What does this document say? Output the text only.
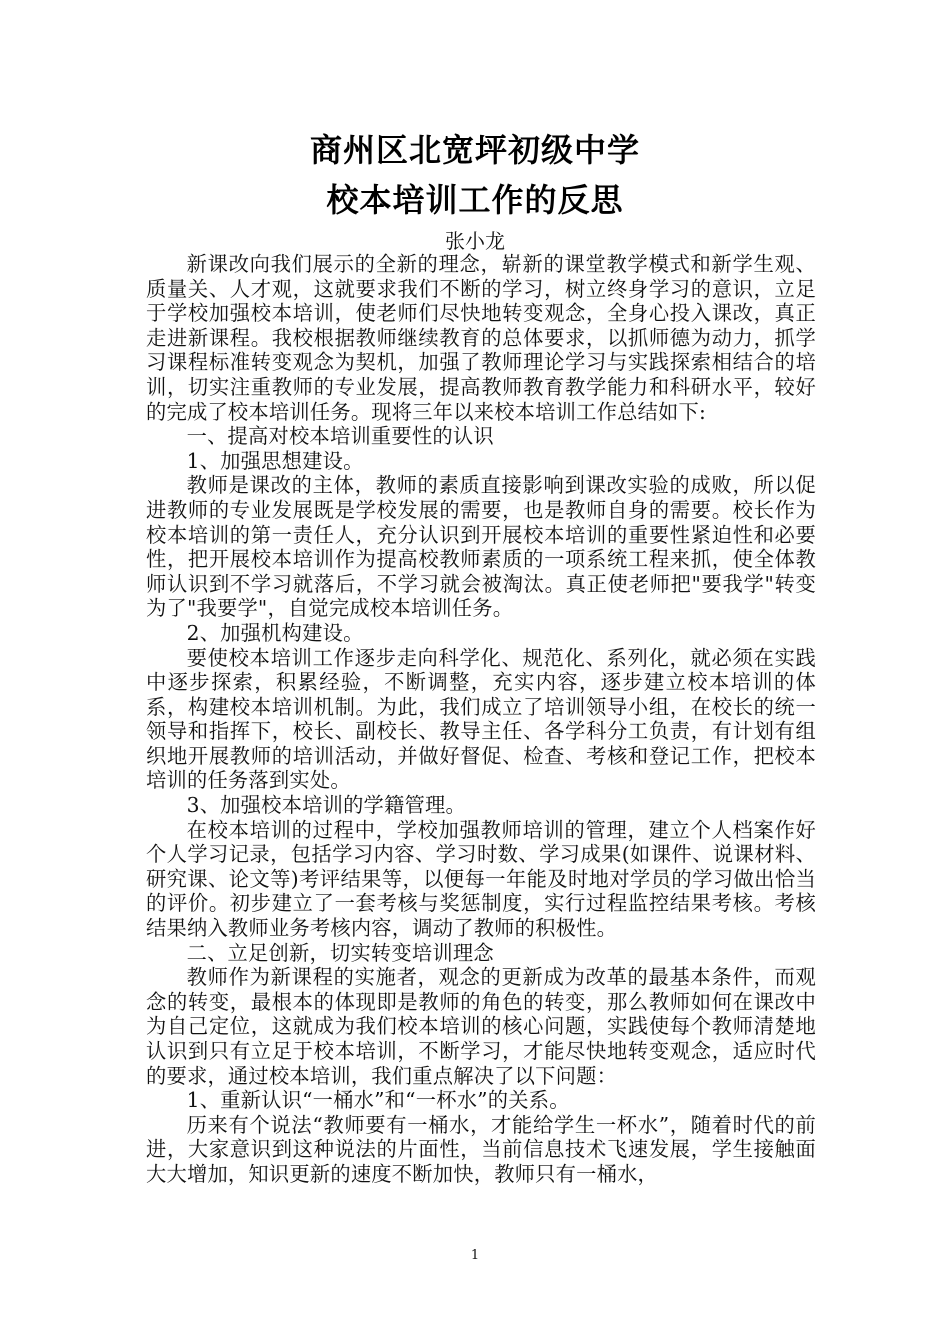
商州区北宽坪初级中学
校本培训工作的反思
张小龙

新课改向我们展示的全新的理念，崭新的课堂教学模式和新学生观、质量关、人才观，这就要求我们不断的学习，树立终身学习的意识，立足于学校加强校本培训，使老师们尽快地转变观念，全身心投入课改，真正走进新课程。我校根据教师继续教育的总体要求，以抓师德为动力，抓学习课程标准转变观念为契机，加强了教师理论学习与实践探索相结合的培训，切实注重教师的专业发展，提高教师教育教学能力和科研水平，较好的完成了校本培训任务。现将三年以来校本培训工作总结如下:

一、提高对校本培训重要性的认识

1、加强思想建设。

教师是课改的主体，教师的素质直接影响到课改实验的成败，所以促进教师的专业发展既是学校发展的需要，也是教师自身的需要。校长作为校本培训的第一责任人，充分认识到开展校本培训的重要性紧迫性和必要性，把开展校本培训作为提高校教师素质的一项系统工程来抓，使全体教师认识到不学习就落后，不学习就会被淘汰。真正使老师把"要我学"转变为了"我要学"，自觉完成校本培训任务。

2、加强机构建设。

要使校本培训工作逐步走向科学化、规范化、系列化，就必须在实践中逐步探索，积累经验，不断调整，充实内容，逐步建立校本培训的体系，构建校本培训机制。为此，我们成立了培训领导小组，在校长的统一领导和指挥下，校长、副校长、教导主任、各学科分工负责，有计划有组织地开展教师的培训活动，并做好督促、检查、考核和登记工作，把校本培训的任务落到实处。

3、加强校本培训的学籍管理。

在校本培训的过程中，学校加强教师培训的管理，建立个人档案作好个人学习记录，包括学习内容、学习时数、学习成果(如课件、说课材料、研究课、论文等)考评结果等，以便每一年能及时地对学员的学习做出恰当的评价。初步建立了一套考核与奖惩制度，实行过程监控结果考核。考核结果纳入教师业务考核内容，调动了教师的积极性。

二、立足创新，切实转变培训理念

教师作为新课程的实施者，观念的更新成为改革的最基本条件，而观念的转变，最根本的体现即是教师的角色的转变，那么教师如何在课改中为自己定位，这就成为我们校本培训的核心问题，实践使每个教师清楚地认识到只有立足于校本培训，不断学习，才能尽快地转变观念，适应时代的要求，通过校本培训，我们重点解决了以下问题：

1、重新认识“一桶水”和“一杯水”的关系。

历来有个说法“教师要有一桶水，才能给学生一杯水”，随着时代的前进，大家意识到这种说法的片面性，当前信息技术飞速发展，学生接触面大大增加，知识更新的速度不断加快，教师只有一桶水，

1
